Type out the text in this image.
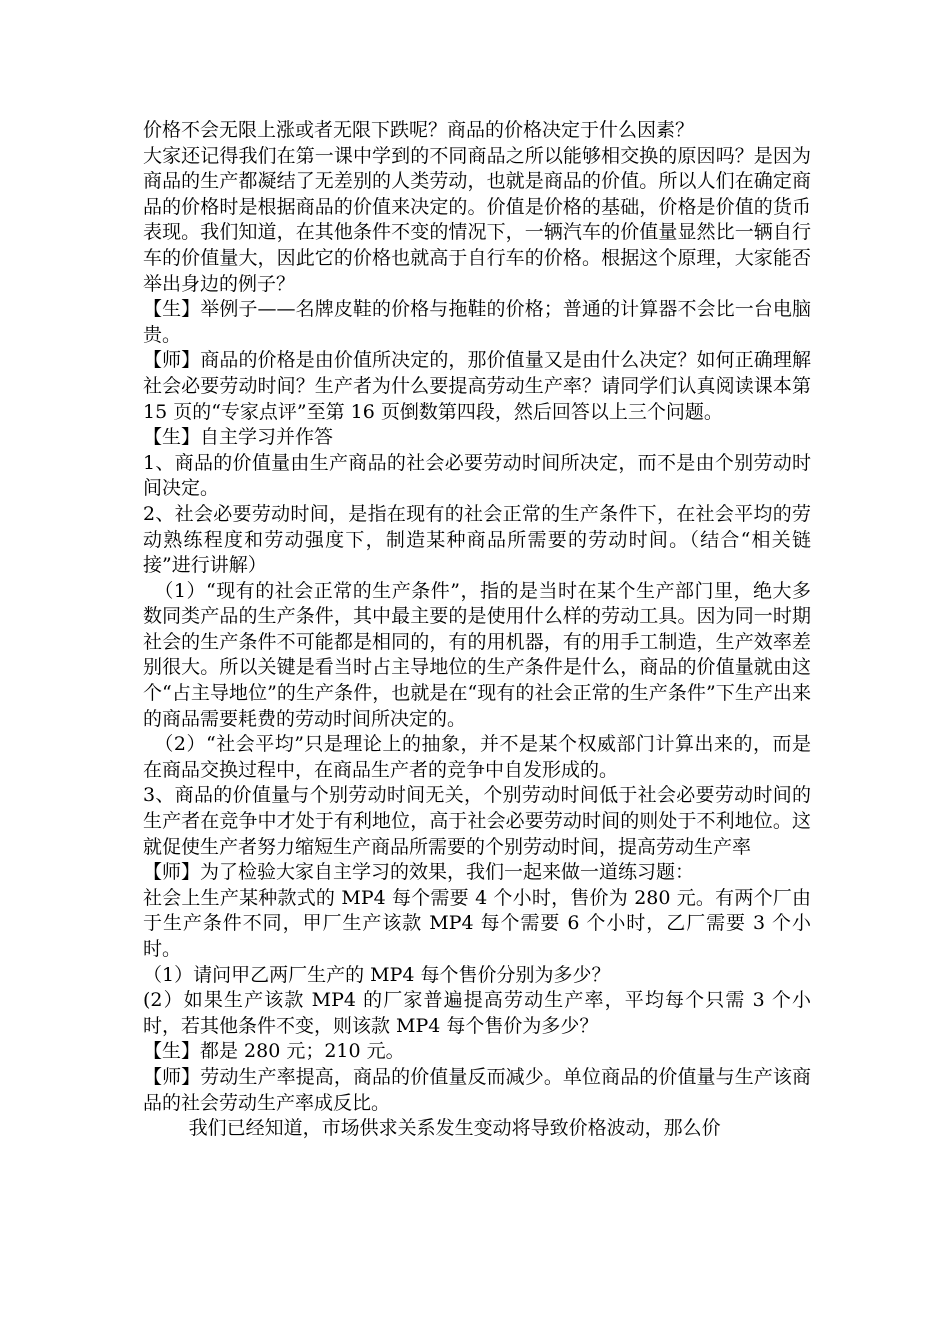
价格不会无限上涨或者无限下跌呢？商品的价格决定于什么因素？

大家还记得我们在第一课中学到的不同商品之所以能够相交换的原因吗？是因为商品的生产都凝结了无差别的人类劳动，也就是商品的价值。所以人们在确定商品的价格时是根据商品的价值来决定的。价值是价格的基础，价格是价值的货币表现。我们知道，在其他条件不变的情况下，一辆汽车的价值量显然比一辆自行车的价值量大，因此它的价格也就高于自行车的价格。根据这个原理，大家能否举出身边的例子？

【生】举例子——名牌皮鞋的价格与拖鞋的价格；普通的计算器不会比一台电脑贵。

【师】商品的价格是由价值所决定的，那价值量又是由什么决定？如何正确理解社会必要劳动时间？生产者为什么要提高劳动生产率？请同学们认真阅读课本第 15 页的“专家点评”至第 16 页倒数第四段，然后回答以上三个问题。

【生】自主学习并作答

1、商品的价值量由生产商品的社会必要劳动时间所决定，而不是由个别劳动时间决定。

2、社会必要劳动时间，是指在现有的社会正常的生产条件下，在社会平均的劳动熟练程度和劳动强度下，制造某种商品所需要的劳动时间。（结合“相关链接”进行讲解）

（1）“现有的社会正常的生产条件”，指的是当时在某个生产部门里，绝大多数同类产品的生产条件，其中最主要的是使用什么样的劳动工具。因为同一时期社会的生产条件不可能都是相同的，有的用机器，有的用手工制造，生产效率差别很大。所以关键是看当时占主导地位的生产条件是什么，商品的价值量就由这个“占主导地位”的生产条件，也就是在“现有的社会正常的生产条件”下生产出来的商品需要耗费的劳动时间所决定的。

（2）“社会平均”只是理论上的抽象，并不是某个权威部门计算出来的，而是在商品交换过程中，在商品生产者的竞争中自发形成的。

3、商品的价值量与个别劳动时间无关，个别劳动时间低于社会必要劳动时间的生产者在竞争中才处于有利地位，高于社会必要劳动时间的则处于不利地位。这就促使生产者努力缩短生产商品所需要的个别劳动时间，提高劳动生产率

【师】为了检验大家自主学习的效果，我们一起来做一道练习题：

社会上生产某种款式的 MP4 每个需要 4 个小时，售价为 280 元。有两个厂由于生产条件不同，甲厂生产该款 MP4 每个需要 6 个小时，乙厂需要 3 个小时。

（1）请问甲乙两厂生产的 MP4 每个售价分别为多少？

(2）如果生产该款 MP4 的厂家普遍提高劳动生产率，平均每个只需 3 个小时，若其他条件不变，则该款 MP4 每个售价为多少？

【生】都是 280 元；210 元。

【师】劳动生产率提高，商品的价值量反而减少。单位商品的价值量与生产该商品的社会劳动生产率成反比。

我们已经知道，市场供求关系发生变动将导致价格波动，那么价
